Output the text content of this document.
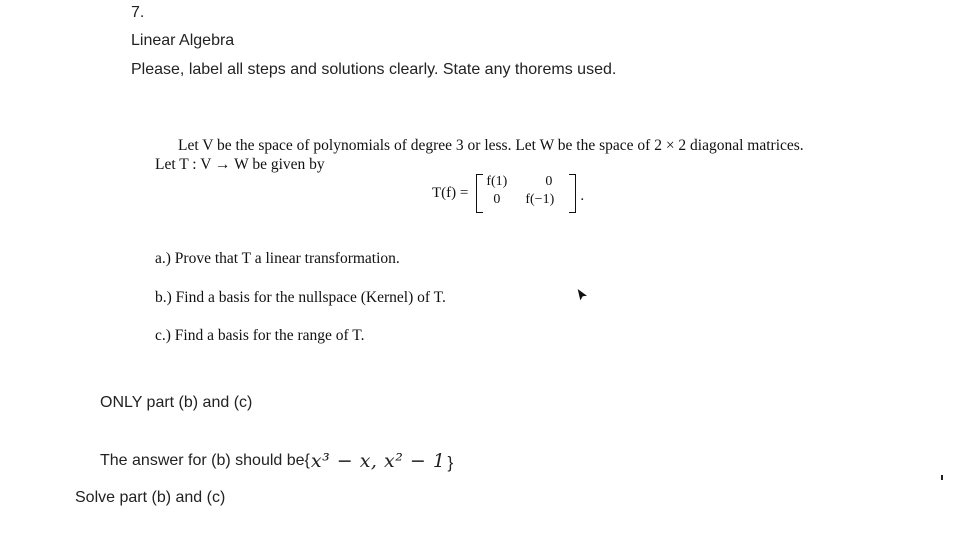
7.
Linear Algebra
Please, label all steps and solutions clearly. State any thorems used.
Let V be the space of polynomials of degree 3 or less. Let W be the space of 2 × 2 diagonal matrices.
Let T : V → W be given by
T(f) =
f(1)	0
0 f(−1) .
a.) Prove that T a linear transformation.
b.) Find a basis for the nullspace (Kernel) of T.
c.) Find a basis for the range of T.
ONLY part (b) and (c)
The answer for (b) should be{ x³ − x, x² − 1 }
Solve part (b) and (c)
